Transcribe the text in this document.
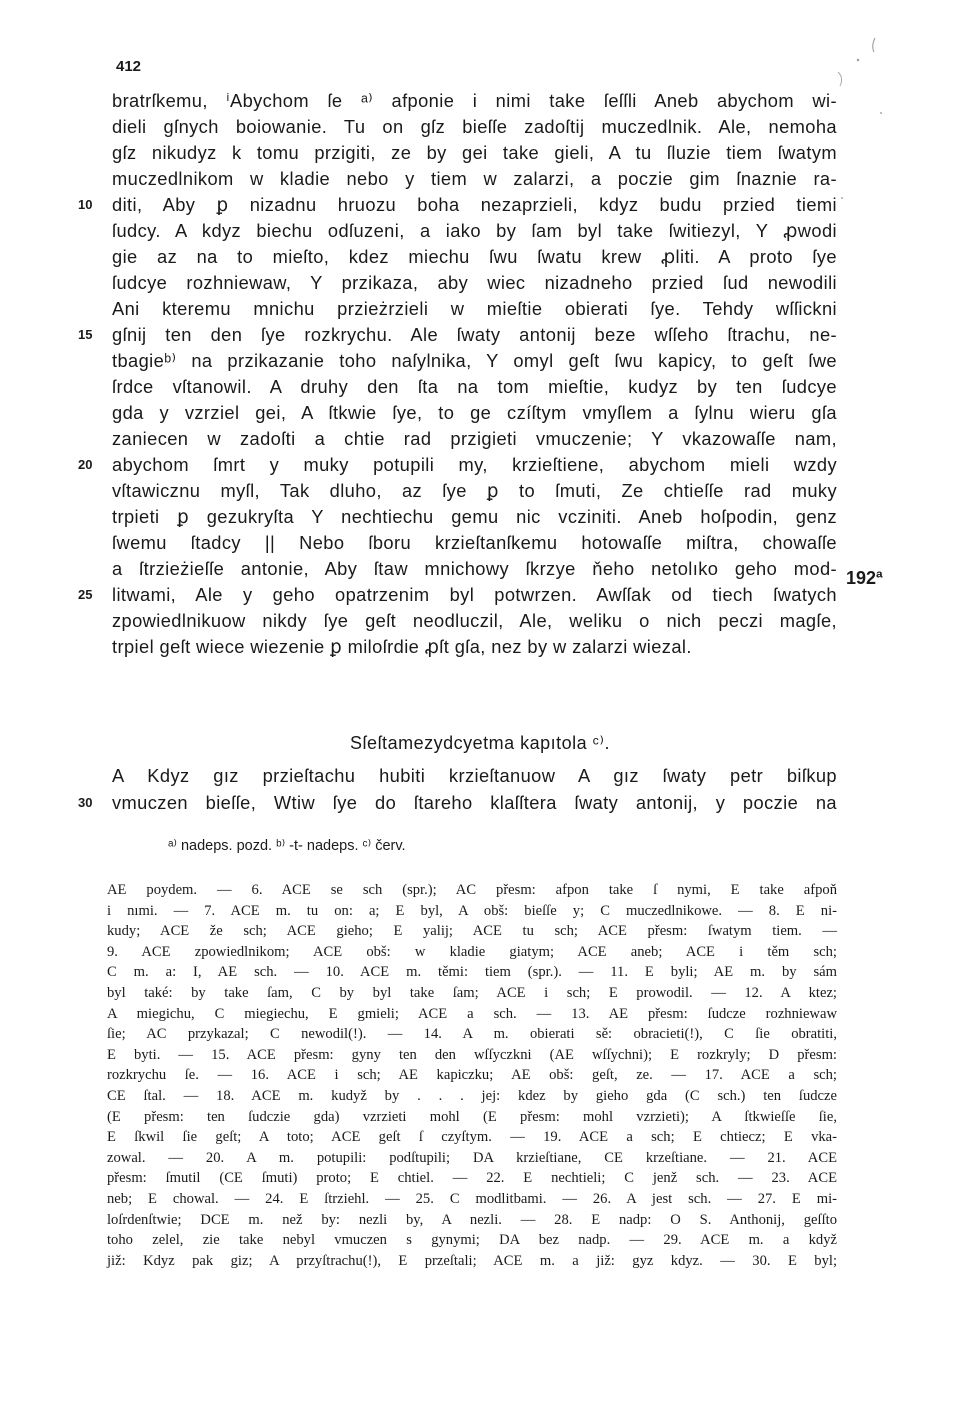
412
bratrſkemu, ⁱAbychom ſe ᵃ⁾ afponie i nimi take ſeſſli Aneb abychom wi-
dieli gſnych boiowanie. Tu on gſz bieſſe zadoſtij muczedlnik. Ale, nemoha
gſz nikudyz k tomu przigiti, ze by gei take gieli, A tu ſluzie tiem ſwatym
muczedlnikom w kladie nebo y tiem w zalarzi, a poczie gim ſnaznie ra-
10	diti, Aby ꝑ nizadnu hruozu boha nezaprzieli, kdyz budu przied tiemi
ſudcy. A kdyz biechu odſuzeni, a iako by ſam byl take ſwitiezyl, Y ꝓwodi
gie az na to mieſto, kdez miechu ſwu ſwatu krew ꝓliti. A proto ſye
ſudcye rozhniewaw, Y przikaza, aby wiec nizadneho przied ſud newodili
Ani kteremu mnichu przieżrzieli w mieſtie obierati ſye. Tehdy wſſickni
15	gſnij ten den ſye rozkrychu. Ale ſwaty antonij beze wſſeho ſtrachu, ne-
tbagieᵇ⁾ na przikazanie toho naſylnika, Y omyl geſt ſwu kapicy, to geſt ſwe
ſrdce vſtanowil. A druhy den ſta na tom mieſtie, kudyz by ten ſudcye
gda y vzrziel gei, A ſtkwie ſye, to ge czíſtym vmyſlem a ſylnu wieru gſa
zaniecen w zadoſti a chtie rad przigieti vmuczenie; Y vkazowaſſe nam,
20	abychom ſmrt y muky potupili my, krzieſtiene, abychom mieli wzdy
vſtawicznu myſl, Tak dluho, az ſye ꝑ to ſmuti, Ze chtieſſe rad muky
trpieti ꝑ gezukryſta Y nechtiechu gemu nic vcziniti. Aneb hoſpodin, genz
ſwemu ſtadcy || Nebo ſboru krzieſtanſkemu hotowaſſe miſtra, chowaſſe
a ſtrzieżieſſe antonie, Aby ſtaw mnichowy ſkrzye ňeho netolıko geho mod-
25	litwami, Ale y geho opatrzenim byl potwrzen. Awſſak od tiech ſwatych
zpowiedlnikuow nikdy ſye geſt neodluczil, Ale, weliku o nich peczi magſe,
trpiel geſt wiece wiezenie ꝑ miloſrdie ꝓſt gſa, nez by w zalarzi wiezal.
192ª
Sſeſtamezydcyetma kapıtola ᶜ⁾.
A Kdyz gız przieſtachu hubiti krzieſtanuow A gız ſwaty petr biſkup
30	vmuczen bieſſe, Wtiw ſye do ſtareho klaſſtera ſwaty antonij, y poczie na
ᵃ⁾ nadeps. pozd. ᵇ⁾ -t- nadeps. ᶜ⁾ červ.
AE poydem. — 6. ACE se sch (spr.); AC přesm: afpon take ſ nymi, E take afpoň
i nımi. — 7. ACE m. tu on: a; E byl, A obš: bieſſe y; C muczedlnikowe. — 8. E ni-
kudy; ACE že sch; ACE gieho; E yalij; ACE tu sch; ACE přesm: ſwatym tiem. —
9. ACE zpowiedlnikom; ACE obš: w kladie giatym; ACE aneb; ACE i těm sch;
C m. a: I, AE sch. — 10. ACE m. těmi: tiem (spr.). — 11. E byli; AE m. by sám
byl také: by take ſam, C by byl take ſam; ACE i sch; E prowodil. — 12. A ktez;
A miegichu, C miegiechu, E gmieli; ACE a sch. — 13. AE přesm: ſudcze rozhniewaw
ſie; AC przykazal; C newodil(!). — 14. A m. obierati sě: obracieti(!), C ſie obratiti,
E byti. — 15. ACE přesm: gyny ten den wſſyczkni (AE wſſychni); E rozkryly; D přesm:
rozkrychu ſe. — 16. ACE i sch; AE kapiczku; AE obš: geſt, ze. — 17. ACE a sch;
CE ſtal. — 18. ACE m. kudyž by . . . jej: kdez by gieho gda (C sch.) ten ſudcze
(E přesm: ten ſudczie gda) vzrzieti mohl (E přesm: mohl vzrzieti); A ſtkwieſſe ſie,
E ſkwil ſie geſt; A toto; ACE geſt ſ czyſtym. — 19. ACE a sch; E chtiecz; E vka-
zowal. — 20. A m. potupili: podſtupili; DA krzieſtiane, CE krzeſtiane. — 21. ACE
přesm: ſmutil (CE ſmuti) proto; E chtiel. — 22. E nechtieli; C jenž sch. — 23. ACE
neb; E chowal. — 24. E ſtrziehl. — 25. C modlitbami. — 26. A jest sch. — 27. E mi-
loſrdenſtwie; DCE m. než by: nezli by, A nezli. — 28. E nadp: O S. Anthonij, geſſto
toho zelel, zie take nebyl vmuczen s gynymi; DA bez nadp. — 29. ACE m. a když
již: Kdyz pak giz; A przyſtrachu(!), E przeſtali; ACE m. a již: gyz kdyz. — 30. E byl;
